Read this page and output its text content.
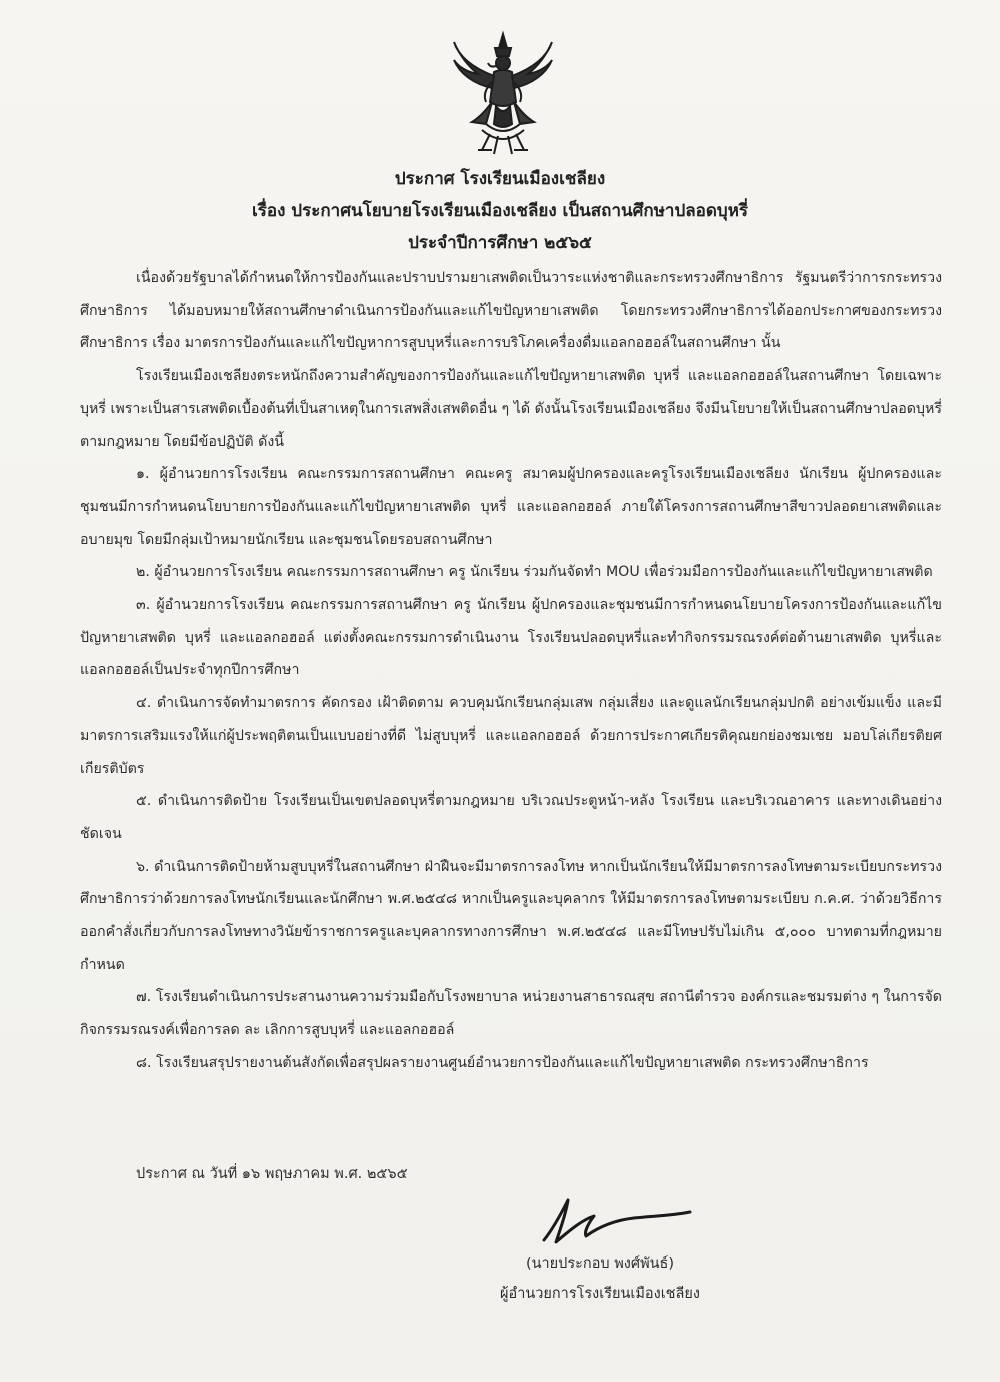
ประกาศ โรงเรียนเมืองเชลียง
เรื่อง ประกาศนโยบายโรงเรียนเมืองเชลียง เป็นสถานศึกษาปลอดบุหรี่
ประจำปีการศึกษา ๒๕๖๕

เนื่องด้วยรัฐบาลได้กำหนดให้การป้องกันและปราบปรามยาเสพติดเป็นวาระแห่งชาติและกระทรวงศึกษาธิการ รัฐมนตรีว่าการกระทรวงศึกษาธิการ ได้มอบหมายให้สถานศึกษาดำเนินการป้องกันและแก้ไขปัญหายาเสพติด โดยกระทรวงศึกษาธิการได้ออกประกาศของกระทรวงศึกษาธิการ เรื่อง มาตรการป้องกันและแก้ไขปัญหาการสูบบุหรี่และการบริโภคเครื่องดื่มแอลกอฮอล์ในสถานศึกษา นั้น

โรงเรียนเมืองเชลียงตระหนักถึงความสำคัญของการป้องกันและแก้ไขปัญหายาเสพติด บุหรี่ และแอลกอฮอล์ในสถานศึกษา โดยเฉพาะบุหรี่ เพราะเป็นสารเสพติดเบื้องต้นที่เป็นสาเหตุในการเสพสิ่งเสพติดอื่น ๆ ได้ ดังนั้นโรงเรียนเมืองเชลียง จึงมีนโยบายให้เป็นสถานศึกษาปลอดบุหรี่ตามกฎหมาย โดยมีข้อปฏิบัติ ดังนี้

๑. ผู้อำนวยการโรงเรียน คณะกรรมการสถานศึกษา คณะครู สมาคมผู้ปกครองและครูโรงเรียนเมืองเชลียง นักเรียน ผู้ปกครองและชุมชนมีการกำหนดนโยบายการป้องกันและแก้ไขปัญหายาเสพติด บุหรี่ และแอลกอฮอล์ ภายใต้โครงการสถานศึกษาสีขาวปลอดยาเสพติดและอบายมุข โดยมีกลุ่มเป้าหมายนักเรียน และชุมชนโดยรอบสถานศึกษา

๒. ผู้อำนวยการโรงเรียน คณะกรรมการสถานศึกษา ครู นักเรียน ร่วมกันจัดทำ MOU เพื่อร่วมมือการป้องกันและแก้ไขปัญหายาเสพติด

๓. ผู้อำนวยการโรงเรียน คณะกรรมการสถานศึกษา ครู นักเรียน ผู้ปกครองและชุมชนมีการกำหนดนโยบายโครงการป้องกันและแก้ไขปัญหายาเสพติด บุหรี่ และแอลกอฮอล์ แต่งตั้งคณะกรรมการดำเนินงาน โรงเรียนปลอดบุหรี่และทำกิจกรรมรณรงค์ต่อต้านยาเสพติด บุหรี่และแอลกอฮอล์เป็นประจำทุกปีการศึกษา

๔. ดำเนินการจัดทำมาตรการ คัดกรอง เฝ้าติดตาม ควบคุมนักเรียนกลุ่มเสพ กลุ่มเสี่ยง และดูแลนักเรียนกลุ่มปกติ อย่างเข้มแข็ง และมีมาตรการเสริมแรงให้แก่ผู้ประพฤติตนเป็นแบบอย่างที่ดี ไม่สูบบุหรี่ และแอลกอฮอล์ ด้วยการประกาศเกียรติคุณยกย่องชมเชย มอบโล่เกียรติยศ เกียรติบัตร

๕. ดำเนินการติดป้าย โรงเรียนเป็นเขตปลอดบุหรี่ตามกฎหมาย บริเวณประตูหน้า-หลัง โรงเรียน และบริเวณอาคาร และทางเดินอย่างชัดเจน

๖. ดำเนินการติดป้ายห้ามสูบบุหรี่ในสถานศึกษา ฝ่าฝืนจะมีมาตรการลงโทษ หากเป็นนักเรียนให้มีมาตรการลงโทษตามระเบียบกระทรวงศึกษาธิการว่าด้วยการลงโทษนักเรียนและนักศึกษา พ.ศ.๒๕๔๘ หากเป็นครูและบุคลากร ให้มีมาตรการลงโทษตามระเบียบ ก.ค.ศ. ว่าด้วยวิธีการออกคำสั่งเกี่ยวกับการลงโทษทางวินัยข้าราชการครูและบุคลากรทางการศึกษา พ.ศ.๒๕๔๘ และมีโทษปรับไม่เกิน ๕,๐๐๐ บาทตามที่กฎหมายกำหนด

๗. โรงเรียนดำเนินการประสานงานความร่วมมือกับโรงพยาบาล หน่วยงานสาธารณสุข สถานีตำรวจ องค์กรและชมรมต่าง ๆ ในการจัดกิจกรรมรณรงค์เพื่อการลด ละ เลิกการสูบบุหรี่ และแอลกอฮอล์

๘. โรงเรียนสรุปรายงานต้นสังกัดเพื่อสรุปผลรายงานศูนย์อำนวยการป้องกันและแก้ไขปัญหายาเสพติด กระทรวงศึกษาธิการ

ประกาศ ณ วันที่ ๑๖ พฤษภาคม พ.ศ. ๒๕๖๕
(นายประกอบ พงศ์พันธ์)
ผู้อำนวยการโรงเรียนเมืองเชลียง
